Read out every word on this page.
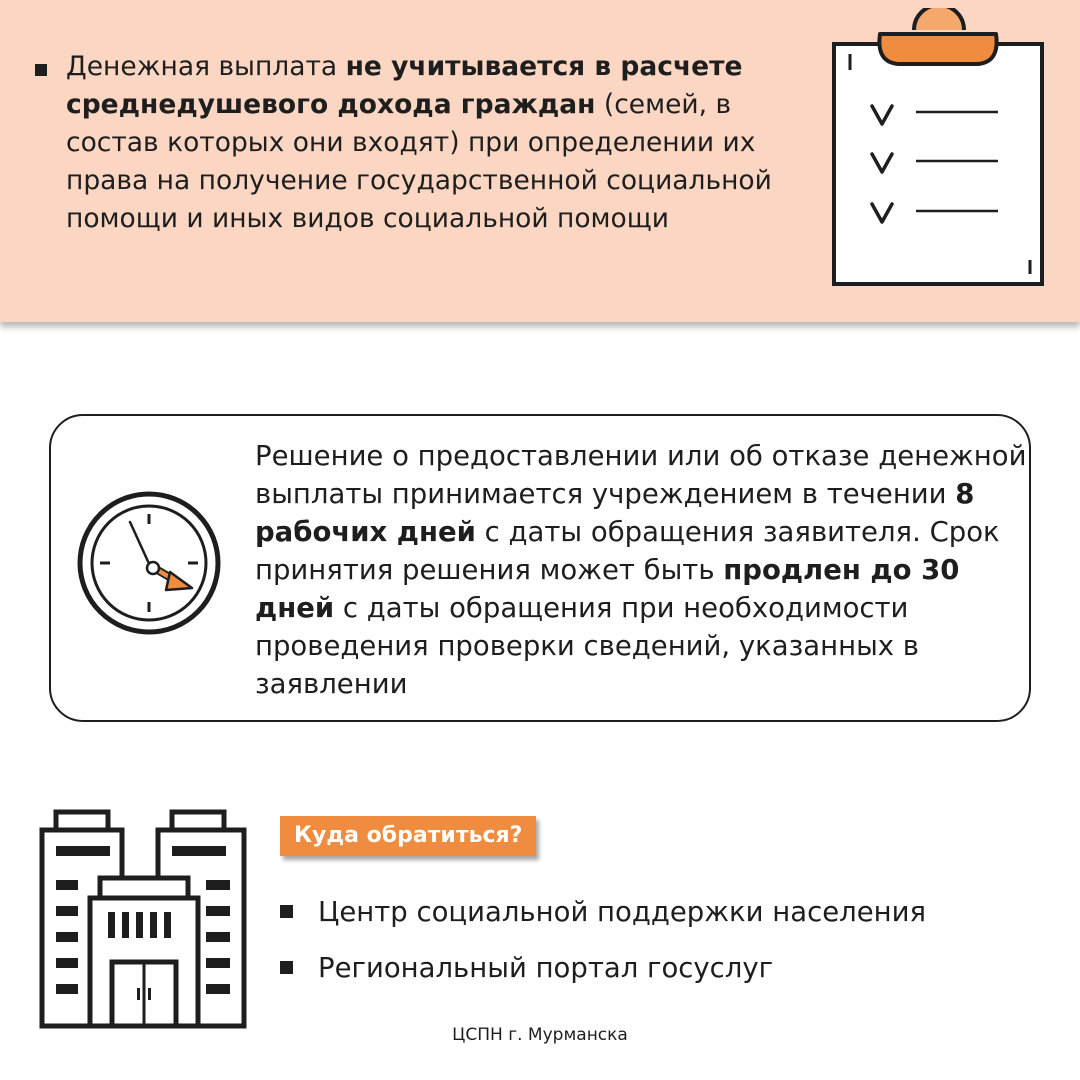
Денежная выплата не учитывается в расчете среднедушевого дохода граждан (семей, в состав которых они входят) при определении их права на получение государственной социальной помощи и иных видов социальной помощи
Решение о предоставлении или об отказе денежной выплаты принимается учреждением в течении 8 рабочих дней с даты обращения заявителя. Срок принятия решения может быть продлен до 30 дней с даты обращения при необходимости проведения проверки сведений, указанных в заявлении
Куда обратиться?
Центр социальной поддержки населения
Региональный портал госуслуг
ЦСПН г. Мурманска
